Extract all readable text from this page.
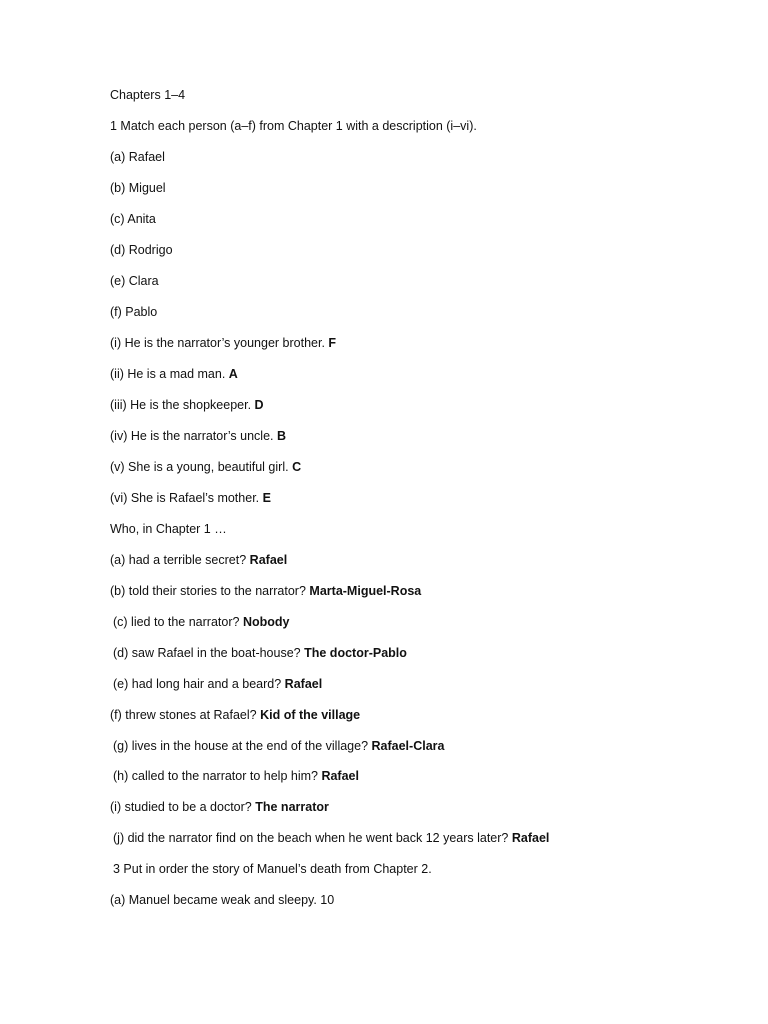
Chapters 1–4
1 Match each person (a–f) from Chapter 1 with a description (i–vi).
(a) Rafael
(b) Miguel
(c) Anita
(d) Rodrigo
(e) Clara
(f) Pablo
(i) He is the narrator’s younger brother. F
(ii) He is a mad man. A
(iii) He is the shopkeeper. D
(iv) He is the narrator’s uncle. B
(v) She is a young, beautiful girl. C
(vi) She is Rafael’s mother. E
Who, in Chapter 1 …
(a) had a terrible secret? Rafael
(b) told their stories to the narrator? Marta-Miguel-Rosa
(c) lied to the narrator? Nobody
(d) saw Rafael in the boat-house? The doctor-Pablo
(e) had long hair and a beard? Rafael
(f) threw stones at Rafael? Kid of the village
(g) lives in the house at the end of the village? Rafael-Clara
(h) called to the narrator to help him? Rafael
(i) studied to be a doctor? The narrator
(j) did the narrator find on the beach when he went back 12 years later? Rafael
3 Put in order the story of Manuel’s death from Chapter 2.
(a) Manuel became weak and sleepy. 10
